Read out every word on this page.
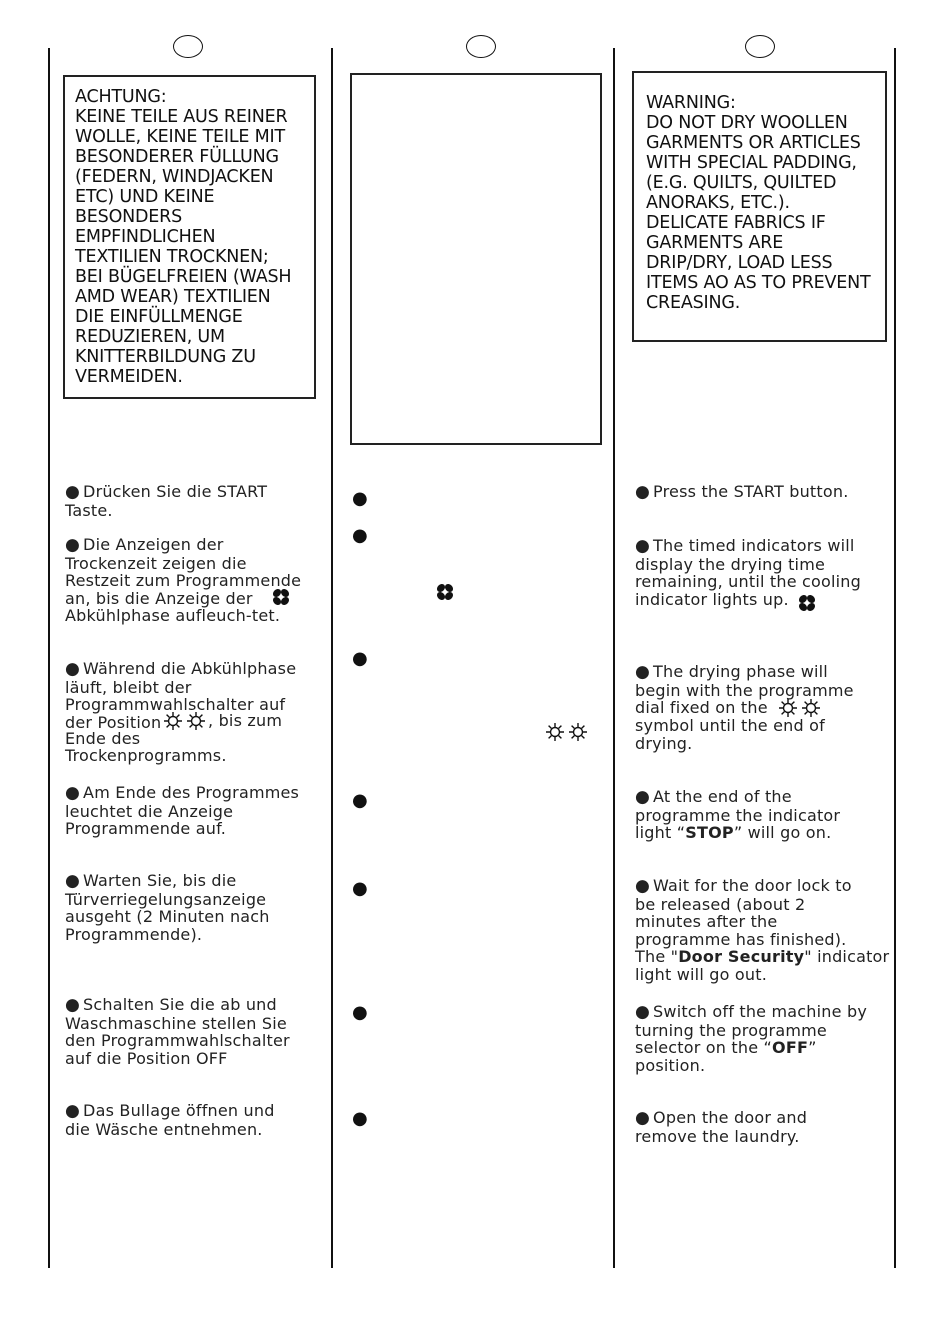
ACHTUNG:
KEINE TEILE AUS REINER
WOLLE, KEINE TEILE MIT
BESONDERER FÜLLUNG
(FEDERN, WINDJACKEN
ETC) UND KEINE
BESONDERS
EMPFINDLICHEN
TEXTILIEN TROCKNEN;
BEI BÜGELFREIEN (WASH
AMD WEAR) TEXTILIEN
DIE EINFÜLLMENGE
REDUZIEREN, UM
KNITTERBILDUNG ZU
VERMEIDEN.
WARNING:
DO NOT DRY WOOLLEN
GARMENTS OR ARTICLES
WITH SPECIAL PADDING,
(E.G. QUILTS, QUILTED
ANORAKS, ETC.).
DELICATE FABRICS IF
GARMENTS ARE
DRIP/DRY, LOAD LESS
ITEMS AO AS TO PREVENT
CREASING.
● Drücken Sie die START
Taste.
● Die Anzeigen der
Trockenzeit zeigen die
Restzeit zum Programmende
an, bis die Anzeige der
Abkühlphase aufleuch-tet.
● Während die Abkühlphase
läuft, bleibt der
Programmwahlschalter auf
der Position	, bis zum
Ende des
Trockenprogramms.
● Am Ende des Programmes
leuchtet die Anzeige
Programmende auf.
● Warten Sie, bis die
Türverriegelungsanzeige
ausgeht (2 Minuten nach
Programmende).
● Schalten Sie die ab und
Waschmaschine stellen Sie
den Programmwahlschalter
auf die Position OFF
● Das Bullage öffnen und
die Wäsche entnehmen.
●
●
●
●
●
●
●
● Press the START button.
● The timed indicators will
display the drying time
remaining, until the cooling
indicator lights up.
● The drying phase will
begin with the programme
dial fixed on the
symbol until the end of
drying.
● At the end of the
programme the indicator
light “STOP” will go on.
● Wait for the door lock to
be released (about 2
minutes after the
programme has finished).
The "Door Security" indicator
light will go out.
● Switch off the machine by
turning the programme
selector on the “OFF”
position.
● Open the door and
remove the laundry.
